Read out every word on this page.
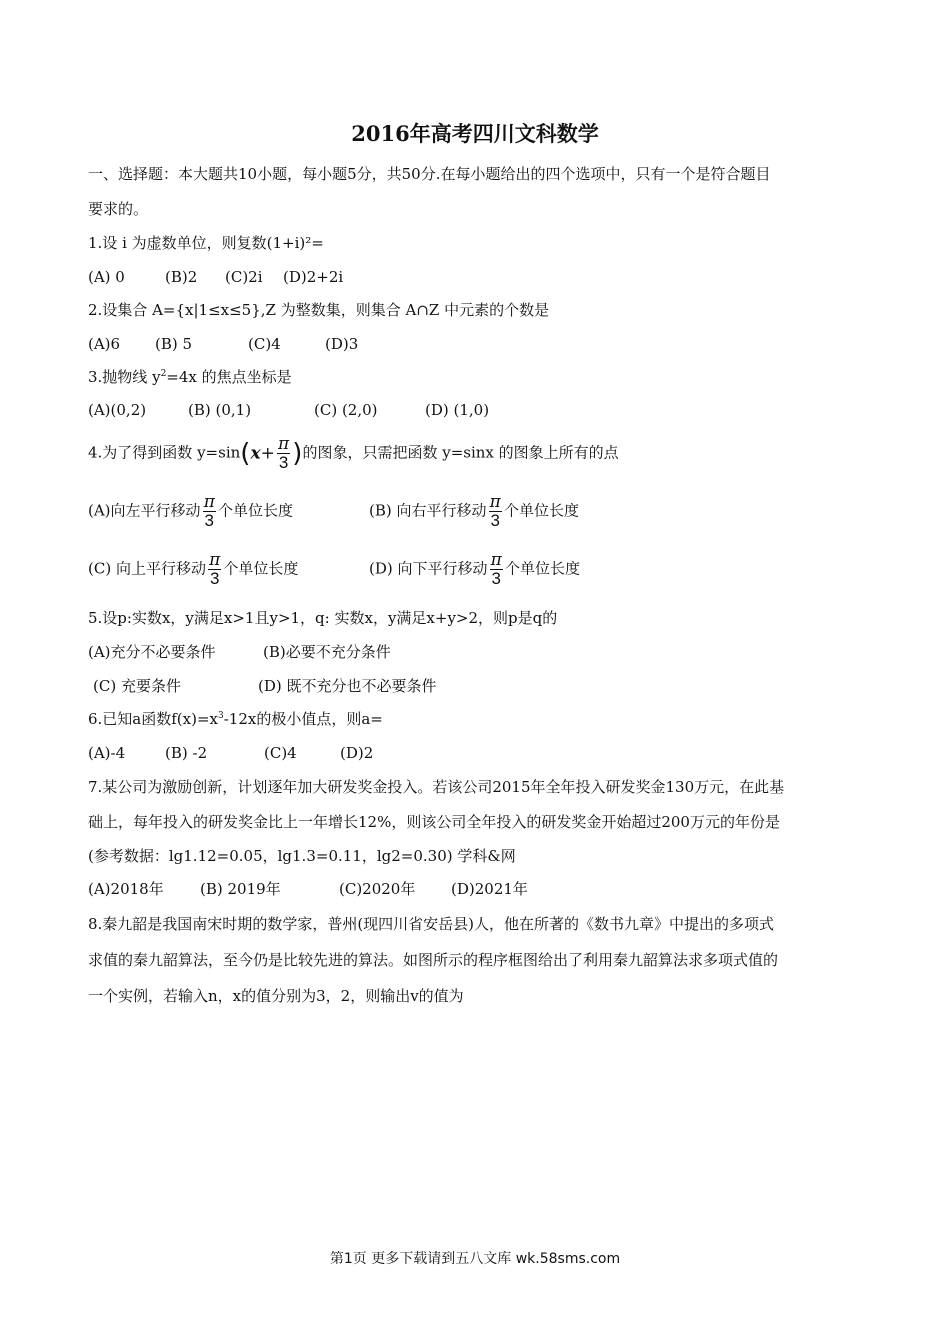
2016年高考四川文科数学
一、选择题：本大题共10小题，每小题5分，共50分.在每小题给出的四个选项中，只有一个是符合题目
要求的。
1.设 i 为虚数单位，则复数(1+i)²=
(A) 0	(B)2 (C)2i (D)2+2i
2.设集合 A={x|1≤x≤5},Z 为整数集，则集合 A∩Z 中元素的个数是
(A)6 (B) 5	(C)4	(D)3
3.抛物线 $y^2=4x$ 的焦点坐标是
(A)(0,2)	(B) (0,1)	(C) (2,0)	(D) (1,0)
4.为了得到函数 $y=\sin(x+ \frac{\pi}{3}$ )的图象，只需把函数 y=sinx 的图象上所有的点
(A)向左平行移动 $\frac{\pi}{3}$ 个单位长度	(B) 向右平行移动 $\frac{\pi}{3}$ 个单位长度
(C) 向上平行移动 $\frac{\pi}{3}$ 个单位长度	(D) 向下平行移动 $\frac{\pi}{3}$ 个单位长度
5.设p:实数x，y满足x>1且y>1，q: 实数x，y满足x+y>2，则p是q的
(A)充分不必要条件	(B)必要不充分条件
(C) 充要条件	(D) 既不充分也不必要条件
6.已知a函数$f(x)=x^3-12x$的极小值点，则a=
(A)-4	(B) -2	(C)4	(D)2
7.某公司为激励创新，计划逐年加大研发奖金投入。若该公司2015年全年投入研发奖金130万元，在此基
础上，每年投入的研发奖金比上一年增长12%，则该公司全年投入的研发奖金开始超过200万元的年份是
(参考数据：lg1.12=0.05，lg1.3=0.11，lg2=0.30) 学科&网
(A)2018年 (B) 2019年	(C)2020年 (D)2021年
8.秦九韶是我国南宋时期的数学家，普州(现四川省安岳县)人，他在所著的《数书九章》中提出的多项式
求值的秦九韶算法，至今仍是比较先进的算法。如图所示的程序框图给出了利用秦九韶算法求多项式值的
一个实例，若输入n，x的值分别为3，2，则输出v的值为
第1页 更多下载请到五八文库 wk.58sms.com
